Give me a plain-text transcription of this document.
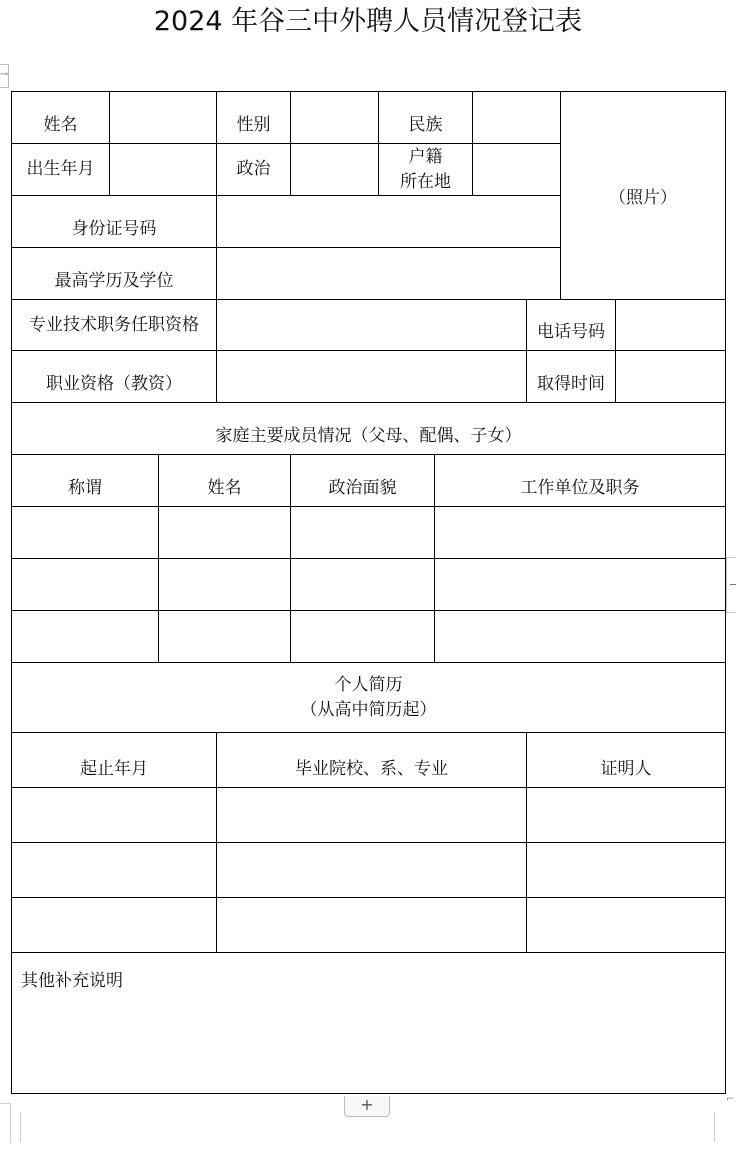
2024 年谷三中外聘人员情况登记表
→
姓名			性别		民族				（照片）	
出生年月			政治		户籍
所在地					

身份证号码										
最高学历及学位										
专业技术职务任职资格								电话号码		
职业资格（教资）								取得时间		
家庭主要成员情况（父母、配偶、子女）										
称谓		姓名		政治面貌		工作单位及职务				

个人简历
（从高中简历起）										

起止年月			毕业院校、系、专业					证明人		

其他补充说明										
+	⌐
